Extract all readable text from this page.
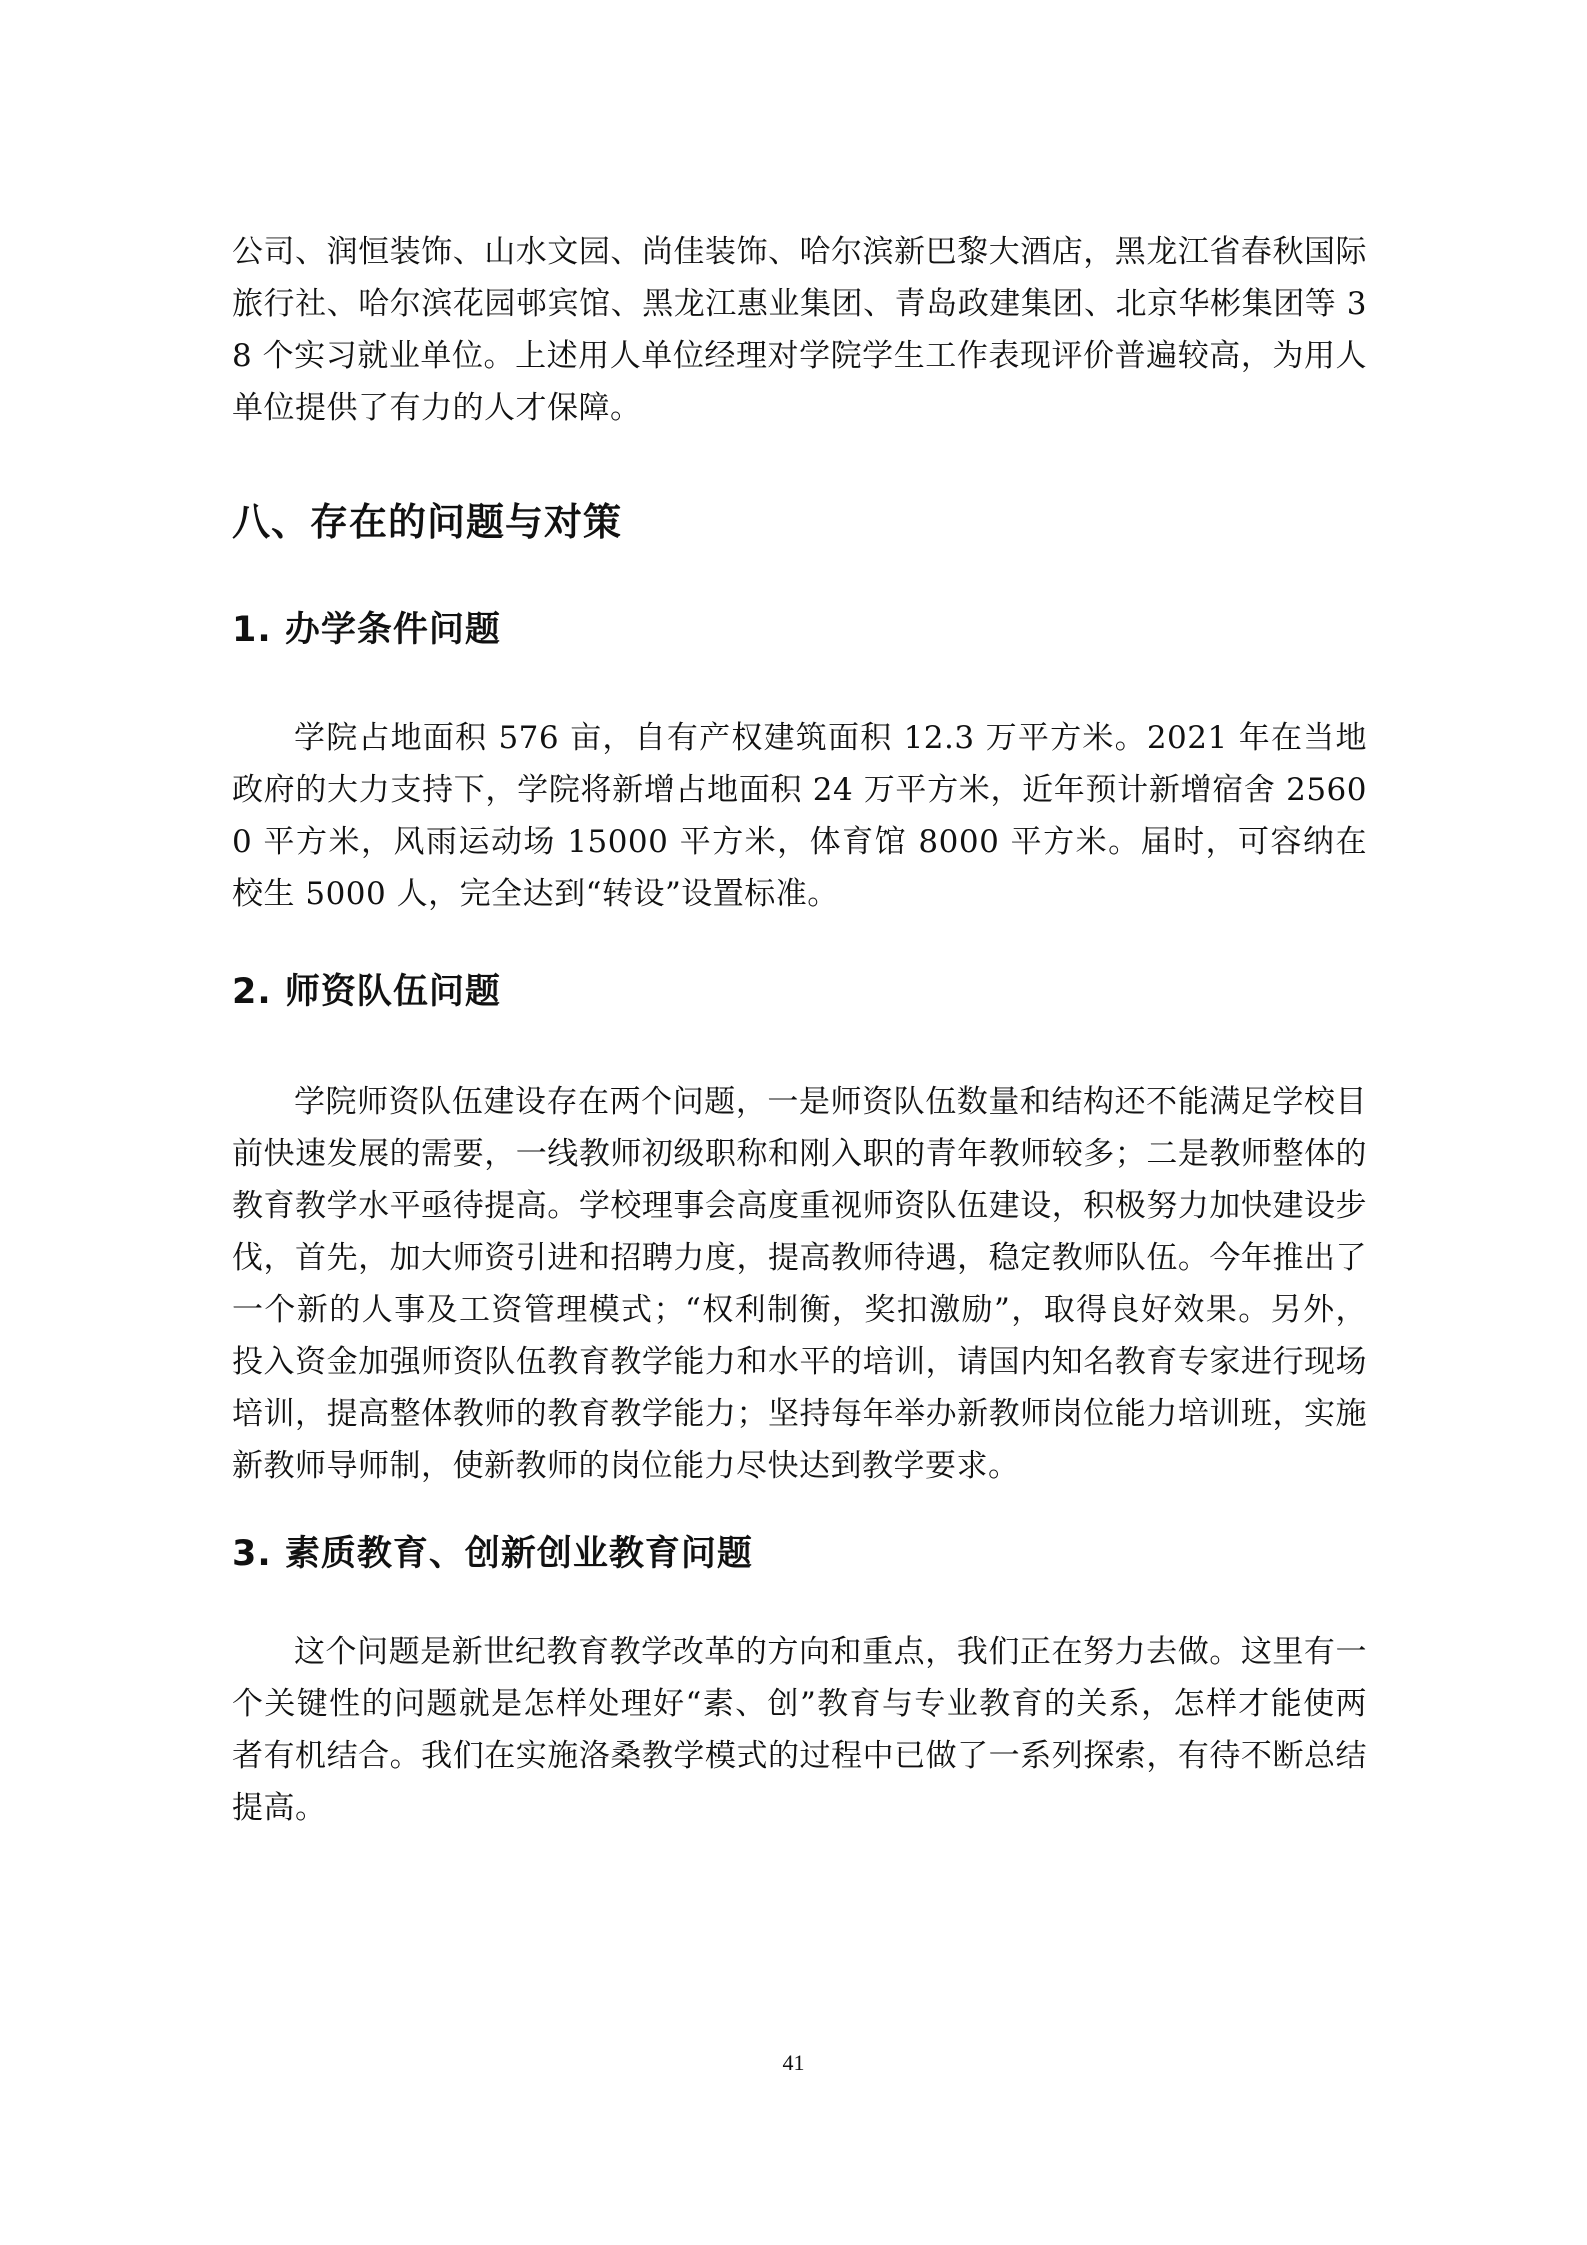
公司、润恒装饰、山水文园、尚佳装饰、哈尔滨新巴黎大酒店，黑龙江省春秋国际旅行社、哈尔滨花园邨宾馆、黑龙江惠业集团、青岛政建集团、北京华彬集团等 38 个实习就业单位。上述用人单位经理对学院学生工作表现评价普遍较高，为用人单位提供了有力的人才保障。

八、存在的问题与对策
1. 办学条件问题

学院占地面积 576 亩，自有产权建筑面积 12.3 万平方米。2021 年在当地政府的大力支持下，学院将新增占地面积 24 万平方米，近年预计新增宿舍 25600 平方米，风雨运动场 15000 平方米，体育馆 8000 平方米。届时，可容纳在校生 5000 人，完全达到“转设”设置标准。

2. 师资队伍问题

学院师资队伍建设存在两个问题，一是师资队伍数量和结构还不能满足学校目前快速发展的需要，一线教师初级职称和刚入职的青年教师较多；二是教师整体的教育教学水平亟待提高。学校理事会高度重视师资队伍建设，积极努力加快建设步伐，首先，加大师资引进和招聘力度，提高教师待遇，稳定教师队伍。今年推出了一个新的人事及工资管理模式；“权利制衡，奖扣激励”，取得良好效果。另外，投入资金加强师资队伍教育教学能力和水平的培训，请国内知名教育专家进行现场培训，提高整体教师的教育教学能力；坚持每年举办新教师岗位能力培训班，实施新教师导师制，使新教师的岗位能力尽快达到教学要求。

3. 素质教育、创新创业教育问题

这个问题是新世纪教育教学改革的方向和重点，我们正在努力去做。这里有一个关键性的问题就是怎样处理好“素、创”教育与专业教育的关系，怎样才能使两者有机结合。我们在实施洛桑教学模式的过程中已做了一系列探索，有待不断总结提高。

41
